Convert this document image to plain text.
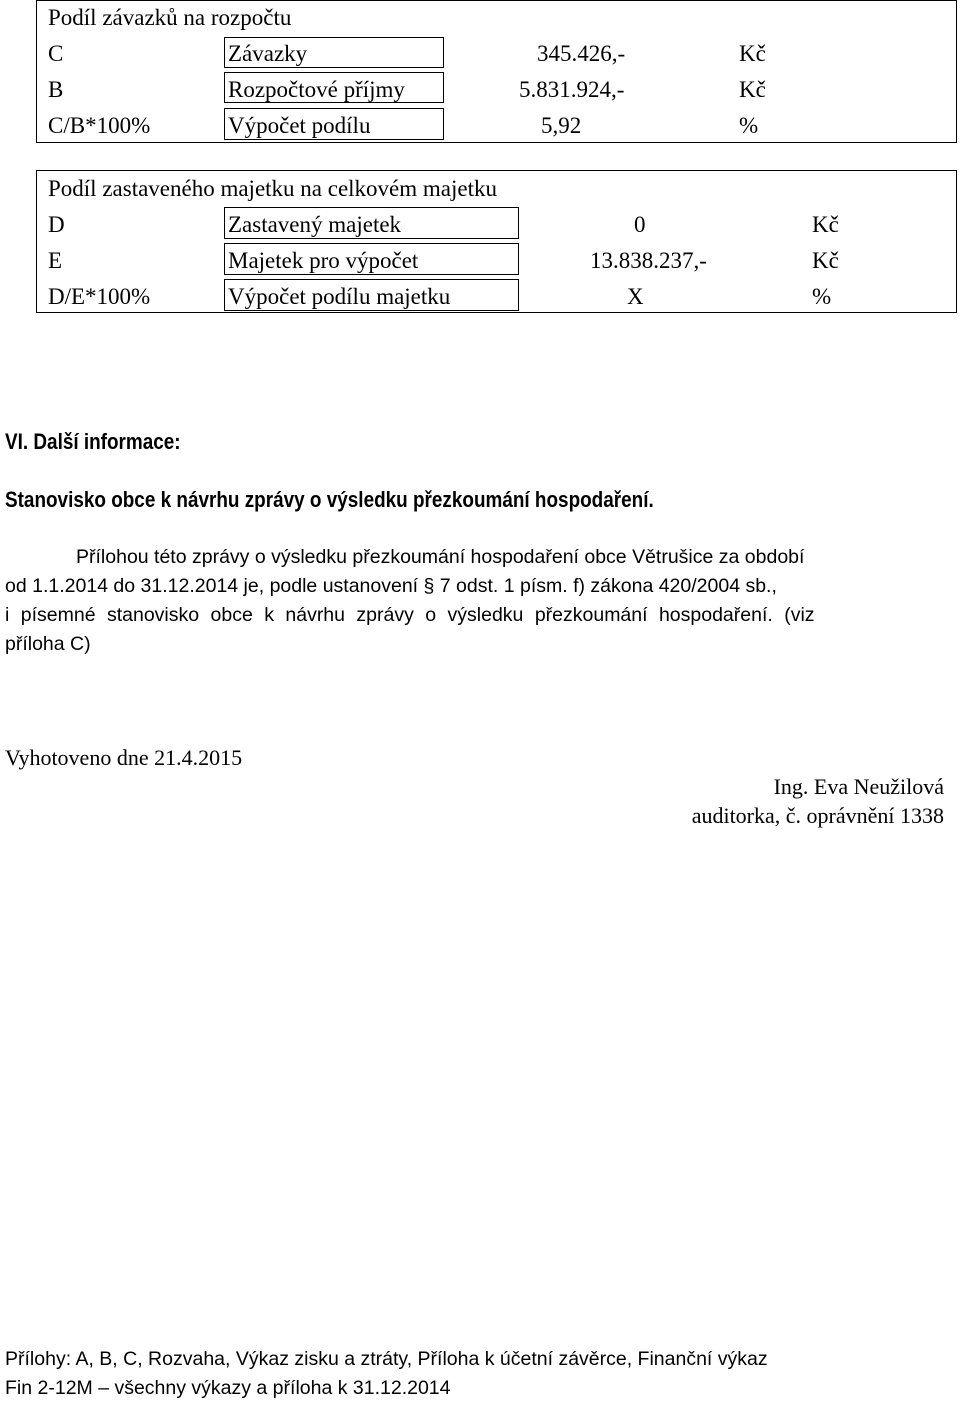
Podíl závazků na rozpočtu
C	Závazky	345.426,-	Kč
B	Rozpočtové příjmy	5.831.924,-	Kč
C/B*100%	Výpočet podílu	5,92	%
Podíl zastaveného majetku na celkovém majetku
D	Zastavený majetek	0	Kč
E	Majetek pro výpočet	13.838.237,-	Kč
D/E*100%	Výpočet podílu majetku	X	%
VI. Další informace:
Stanovisko obce k návrhu zprávy o výsledku přezkoumání hospodaření.
Přílohou této zprávy o výsledku přezkoumání hospodaření obce Větrušice za období
od 1.1.2014 do 31.12.2014 je, podle ustanovení § 7 odst. 1 písm. f) zákona 420/2004 sb.,
i písemné stanovisko obce k návrhu zprávy o výsledku přezkoumání hospodaření. (viz
příloha C)
Vyhotoveno dne 21.4.2015
Ing. Eva Neužilová
auditorka, č. oprávnění 1338
Přílohy: A, B, C, Rozvaha, Výkaz zisku a ztráty, Příloha k účetní závěrce, Finanční výkaz
Fin 2-12M – všechny výkazy a příloha k 31.12.2014
